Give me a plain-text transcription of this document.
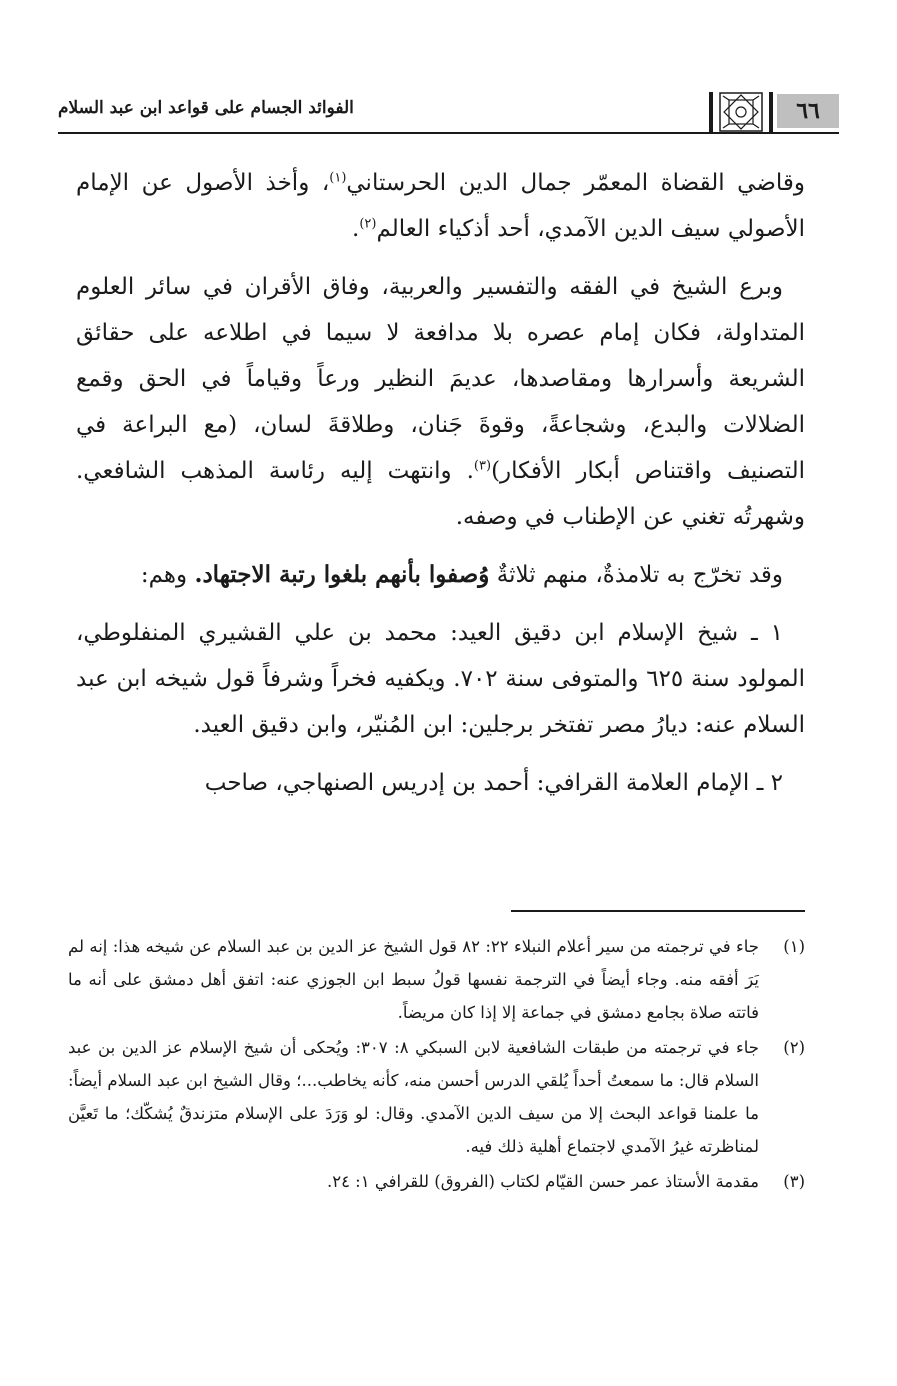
٦٦
الفوائد الجسام على قواعد ابن عبد السلام

وقاضي القضاة المعمّر جمال الدين الحرستاني$^{(١)}$، وأخذ الأصول عن الإمام الأصولي سيف الدين الآمدي، أحد أذكياء العالم$^{(٢)}$.

وبرع الشيخ في الفقه والتفسير والعربية، وفاق الأقران في سائر العلوم المتداولة، فكان إمام عصره بلا مدافعة لا سيما في اطلاعه على حقائق الشريعة وأسرارها ومقاصدها، عديمَ النظير ورعاً وقياماً في الحق وقمع الضلالات والبدع، وشجاعةً، وقوةَ جَنان، وطلاقةَ لسان، (مع البراعة في التصنيف واقتناص أبكار الأفكار)$^{(٣)}$. وانتهت إليه رئاسة المذهب الشافعي. وشهرتُه تغني عن الإطناب في وصفه.

وقد تخرّج به تلامذةٌ، منهم ثلاثةٌ وُصفوا بأنهم بلغوا رتبة الاجتهاد. وهم:

١ ـ شيخ الإسلام ابن دقيق العيد: محمد بن علي القشيري المنفلوطي، المولود سنة ٦٢٥ والمتوفى سنة ٧٠٢. ويكفيه فخراً وشرفاً قول شيخه ابن عبد السلام عنه: ديارُ مصر تفتخر برجلين: ابن المُنيّر، وابن دقيق العيد.

٢ ـ الإمام العلامة القرافي: أحمد بن إدريس الصنهاجي، صاحب

(١)
جاء في ترجمته من سير أعلام النبلاء ٢٢: ٨٢ قول الشيخ عز الدين بن عبد السلام عن شيخه هذا: إنه لم يَرَ أفقه منه. وجاء أيضاً في الترجمة نفسها قولُ سبط ابن الجوزي عنه: اتفق أهل دمشق على أنه ما فاتته صلاة بجامع دمشق في جماعة إلا إذا كان مريضاً.
(٢)
جاء في ترجمته من طبقات الشافعية لابن السبكي ٨: ٣٠٧: ويُحكى أن شيخ الإسلام عز الدين بن عبد السلام قال: ما سمعتُ أحداً يُلقي الدرس أحسن منه، كأنه يخاطب...؛ وقال الشيخ ابن عبد السلام أيضاً: ما علمنا قواعد البحث إلا من سيف الدين الآمدي. وقال: لو وَرَدَ على الإسلام متزندقٌ يُشكّك؛ ما تَعيَّن لمناظرته غيرُ الآمدي لاجتماع أهلية ذلك فيه.
(٣)
مقدمة الأستاذ عمر حسن القيّام لكتاب (الفروق) للقرافي ١: ٢٤.
